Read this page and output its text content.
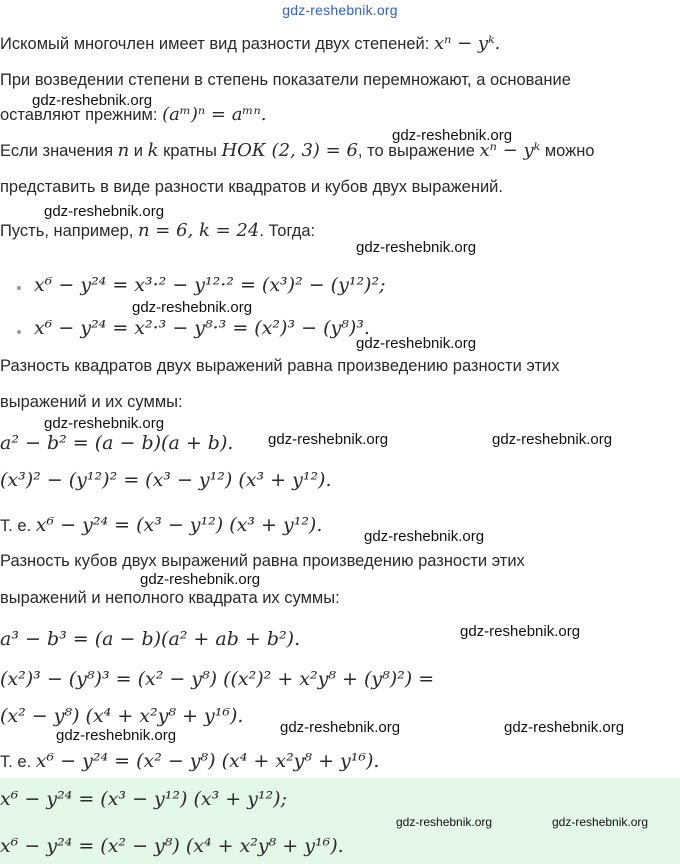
gdz-reshebnik.org
Искомый многочлен имеет вид разности двух степеней: xⁿ − yᵏ.
При возведении степени в степень показатели перемножают, а основание
оставляют прежним: (aᵐ)ⁿ = aᵐⁿ.
Если значения n и k кратны НОК (2, 3) = 6, то выражение xⁿ − yᵏ можно
представить в виде разности квадратов и кубов двух выражений.
Пусть, например, n = 6, k = 24. Тогда:
x⁶ − y²⁴ = x³·² − y¹²·² = (x³)² − (y¹²)²;
x⁶ − y²⁴ = x²·³ − y⁸·³ = (x²)³ − (y⁸)³.
Разность квадратов двух выражений равна произведению разности этих
выражений и их суммы:
a² − b² = (a − b)(a + b).
(x³)² − (y¹²)² = (x³ − y¹²) (x³ + y¹²).
Т. е. x⁶ − y²⁴ = (x³ − y¹²) (x³ + y¹²).
Разность кубов двух выражений равна произведению разности этих
выражений и неполного квадрата их суммы:
a³ − b³ = (a − b)(a² + ab + b²).
(x²)³ − (y⁸)³ = (x² − y⁸) ((x²)² + x²y⁸ + (y⁸)²) =
(x² − y⁸) (x⁴ + x²y⁸ + y¹⁶).
Т. е. x⁶ − y²⁴ = (x² − y⁸) (x⁴ + x²y⁸ + y¹⁶).
x⁶ − y²⁴ = (x³ − y¹²) (x³ + y¹²);
x⁶ − y²⁴ = (x² − y⁸) (x⁴ + x²y⁸ + y¹⁶).
gdz-reshebnik.org
gdz-reshebnik.org
gdz-reshebnik.org
gdz-reshebnik.org
gdz-reshebnik.org
gdz-reshebnik.org
gdz-reshebnik.org
gdz-reshebnik.org	gdz-reshebnik.org
gdz-reshebnik.org
gdz-reshebnik.org
gdz-reshebnik.org
gdz-reshebnik.org	gdz-reshebnik.org
gdz-reshebnik.org
gdz-reshebnik.org	gdz-reshebnik.org
